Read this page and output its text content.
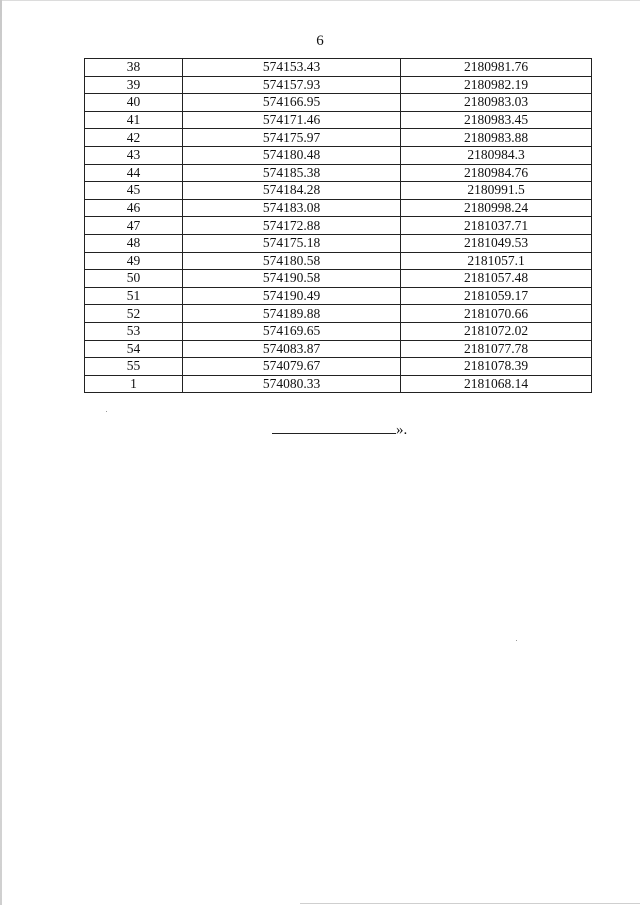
6
38	574153.43	2180981.76
39	574157.93	2180982.19
40	574166.95	2180983.03
41	574171.46	2180983.45
42	574175.97	2180983.88
43	574180.48	2180984.3
44	574185.38	2180984.76
45	574184.28	2180991.5
46	574183.08	2180998.24
47	574172.88	2181037.71
48	574175.18	2181049.53
49	574180.58	2181057.1
50	574190.58	2181057.48
51	574190.49	2181059.17
52	574189.88	2181070.66
53	574169.65	2181072.02
54	574083.87	2181077.78
55	574079.67	2181078.39
1	574080.33	2181068.14
».
